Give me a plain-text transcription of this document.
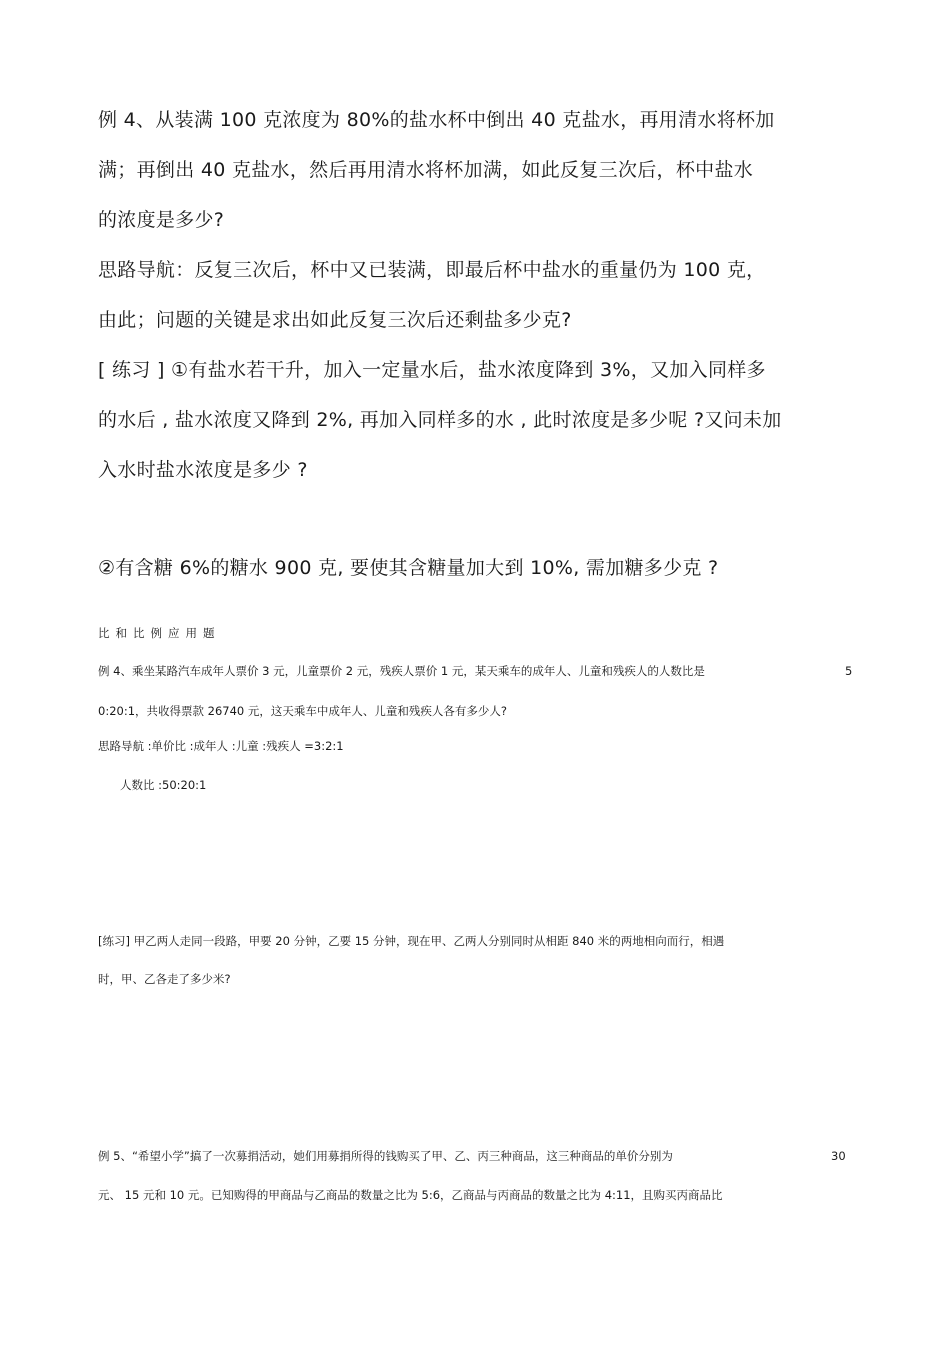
例 4、从装满 100 克浓度为 80%的盐水杯中倒出 40 克盐水，再用清水将杯加

满；再倒出 40 克盐水，然后再用清水将杯加满，如此反复三次后，杯中盐水

的浓度是多少?

思路导航：反复三次后，杯中又已装满，即最后杯中盐水的重量仍为 100 克，

由此；问题的关键是求出如此反复三次后还剩盐多少克?

[ 练习 ] ①有盐水若干升，加入一定量水后，盐水浓度降到 3%，又加入同样多

的水后 , 盐水浓度又降到 2%, 再加入同样多的水 , 此时浓度是多少呢 ?又问未加

入水时盐水浓度是多少 ?

②有含糖 6%的糖水 900 克, 要使其含糖量加大到 10%, 需加糖多少克 ?

比和比例应用题

例 4、乘坐某路汽车成年人票价 3 元，儿童票价 2 元，残疾人票价 1 元，某天乘车的成年人、儿童和残疾人的人数比是	5

0:20:1，共收得票款 26740 元，这天乘车中成年人、儿童和残疾人各有多少人?

思路导航 :单价比 :成年人 :儿童 :残疾人 =3:2:1

人数比 :50:20:1

[练习] 甲乙两人走同一段路，甲要 20 分钟，乙要 15 分钟，现在甲、乙两人分别同时从相距 840 米的两地相向而行，相遇

时，甲、乙各走了多少米?

例 5、“希望小学”搞了一次募捐活动，她们用募捐所得的钱购买了甲、乙、丙三种商品，这三种商品的单价分别为	30

元、 15 元和 10 元。已知购得的甲商品与乙商品的数量之比为 5:6，乙商品与丙商品的数量之比为 4:11，且购买丙商品比
